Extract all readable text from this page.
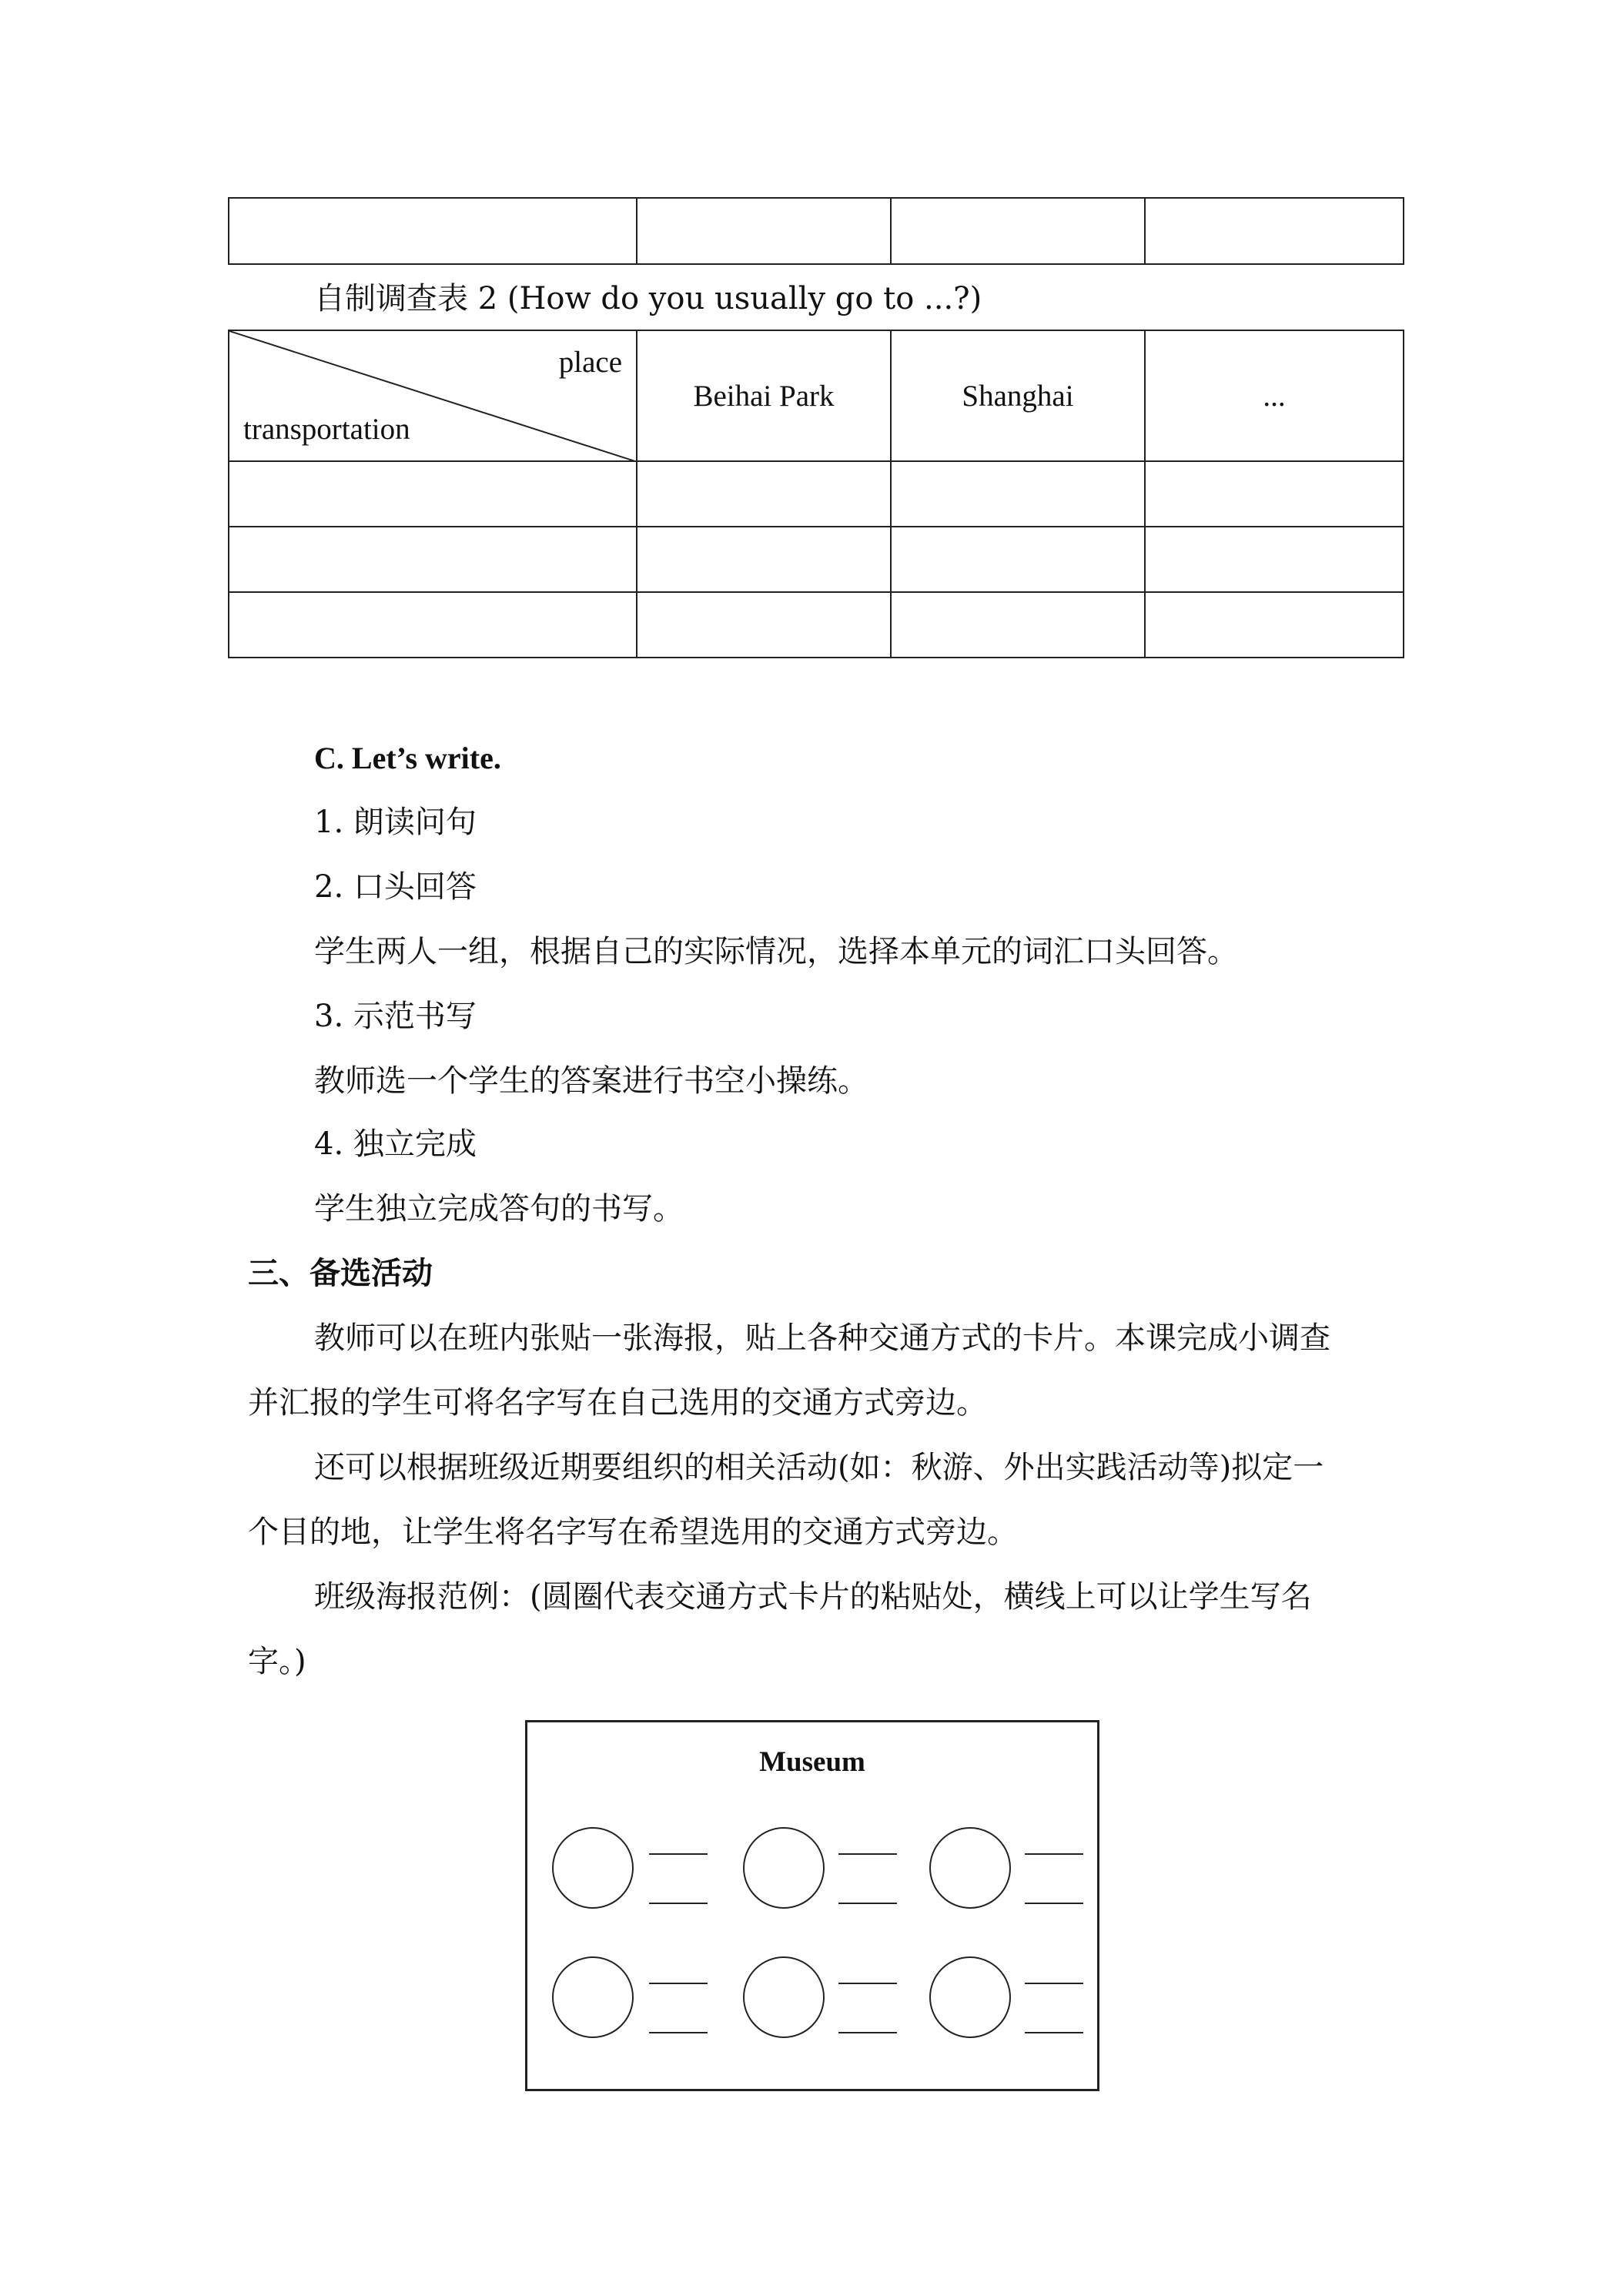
自制调查表 2 (How do you usually go to ...?)
place
transportation	Beihai Park	Shanghai	...

C. Let’s write.
1. 朗读问句
2. 口头回答
学生两人一组，根据自己的实际情况，选择本单元的词汇口头回答。
3. 示范书写
教师选一个学生的答案进行书空小操练。
4. 独立完成
学生独立完成答句的书写。
三、备选活动
教师可以在班内张贴一张海报，贴上各种交通方式的卡片。本课完成小调查
并汇报的学生可将名字写在自己选用的交通方式旁边。
还可以根据班级近期要组织的相关活动(如：秋游、外出实践活动等)拟定一
个目的地，让学生将名字写在希望选用的交通方式旁边。
班级海报范例：(圆圈代表交通方式卡片的粘贴处，横线上可以让学生写名
字。)
Museum
